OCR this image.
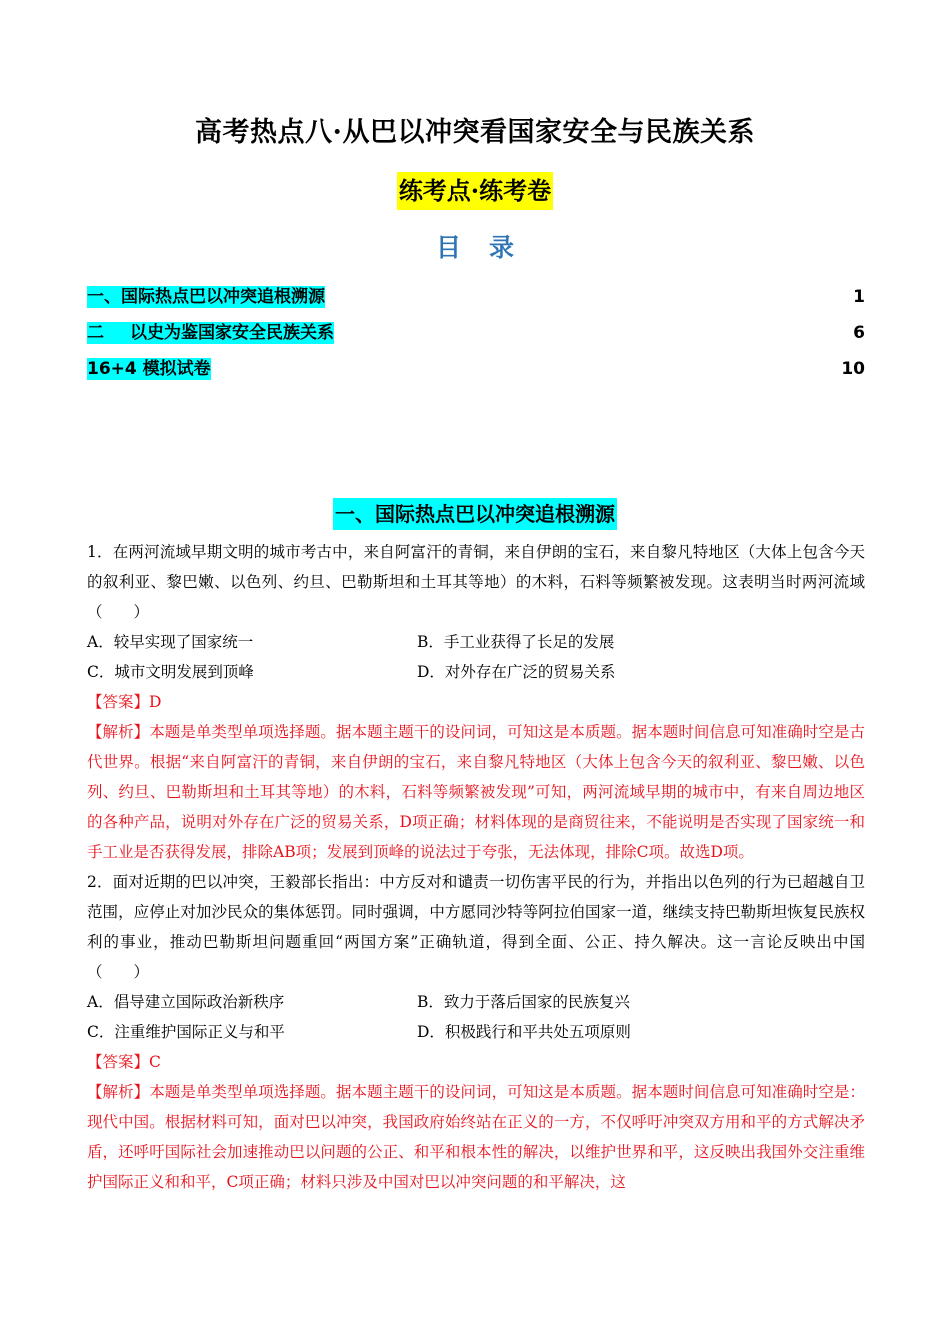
高考热点八·从巴以冲突看国家安全与民族关系
练考点·练考卷
目 录
一、国际热点巴以冲突追根溯源	1
二 以史为鉴国家安全民族关系	6
16+4 模拟试卷	10
一、国际热点巴以冲突追根溯源

1．在两河流域早期文明的城市考古中，来自阿富汗的青铜，来自伊朗的宝石，来自黎凡特地区（大体上包含今天的叙利亚、黎巴嫩、以色列、约旦、巴勒斯坦和土耳其等地）的木料，石料等频繁被发现。这表明当时两河流域（　　）

A．较早实现了国家统一	B．手工业获得了长足的发展
C．城市文明发展到顶峰	D．对外存在广泛的贸易关系

【答案】D

【解析】本题是单类型单项选择题。据本题主题干的设问词，可知这是本质题。据本题时间信息可知准确时空是古代世界。根据“来自阿富汗的青铜，来自伊朗的宝石，来自黎凡特地区（大体上包含今天的叙利亚、黎巴嫩、以色列、约旦、巴勒斯坦和土耳其等地）的木料，石料等频繁被发现”可知，两河流域早期的城市中，有来自周边地区的各种产品，说明对外存在广泛的贸易关系，D项正确；材料体现的是商贸往来，不能说明是否实现了国家统一和手工业是否获得发展，排除AB项；发展到顶峰的说法过于夸张，无法体现，排除C项。故选D项。

2．面对近期的巴以冲突，王毅部长指出：中方反对和谴责一切伤害平民的行为，并指出以色列的行为已超越自卫范围，应停止对加沙民众的集体惩罚。同时强调，中方愿同沙特等阿拉伯国家一道，继续支持巴勒斯坦恢复民族权利的事业，推动巴勒斯坦问题重回“两国方案”正确轨道，得到全面、公正、持久解决。这一言论反映出中国（　　）

A．倡导建立国际政治新秩序	B．致力于落后国家的民族复兴
C．注重维护国际正义与和平	D．积极践行和平共处五项原则

【答案】C

【解析】本题是单类型单项选择题。据本题主题干的设问词，可知这是本质题。据本题时间信息可知准确时空是：现代中国。根据材料可知，面对巴以冲突，我国政府始终站在正义的一方，不仅呼吁冲突双方用和平的方式解决矛盾，还呼吁国际社会加速推动巴以问题的公正、和平和根本性的解决，以维护世界和平，这反映出我国外交注重维护国际正义和和平，C项正确；材料只涉及中国对巴以冲突问题的和平解决，这
